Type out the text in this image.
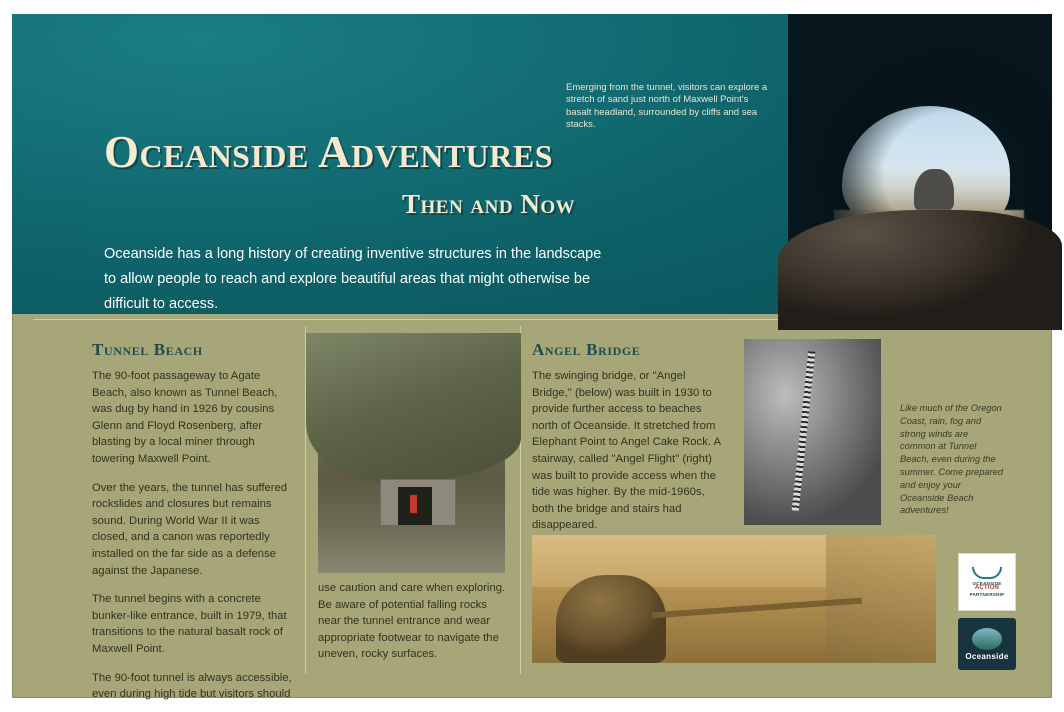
Emerging from the tunnel, visitors can explore a stretch of sand just north of Maxwell Point's basalt headland, surrounded by cliffs and sea stacks.
Oceanside Adventures
Then and Now
Oceanside has a long history of creating inventive structures in the landscape to allow people to reach and explore beautiful areas that might otherwise be difficult to access.
Tunnel Beach

The 90-foot passageway to Agate Beach, also known as Tunnel Beach, was dug by hand in 1926 by cousins Glenn and Floyd Rosenberg, after blasting by a local miner through towering Maxwell Point.

Over the years, the tunnel has suffered rockslides and closures but remains sound. During World War II it was closed, and a canon was reportedly installed on the far side as a defense against the Japanese.

The tunnel begins with a concrete bunker-like entrance, built in 1979, that transitions to the natural basalt rock of Maxwell Point.

The 90-foot tunnel is always accessible, even during high tide but visitors should

use caution and care when exploring. Be aware of potential falling rocks near the tunnel entrance and wear appropriate footwear to navigate the uneven, rocky surfaces.

Angel Bridge

The swinging bridge, or "Angel Bridge," (below) was built in 1930 to provide further access to beaches north of Oceanside. It stretched from Elephant Point to Angel Cake Rock. A stairway, called "Angel Flight" (right) was built to provide access when the tide was higher. By the mid-1960s, both the bridge and stairs had disappeared.

Like much of the Oregon Coast, rain, fog and strong winds are common at Tunnel Beach, even during the summer. Come prepared and enjoy your Oceanside Beach adventures!
OCEANSIDE
ACTION
PARTNERSHIP
Oceanside
